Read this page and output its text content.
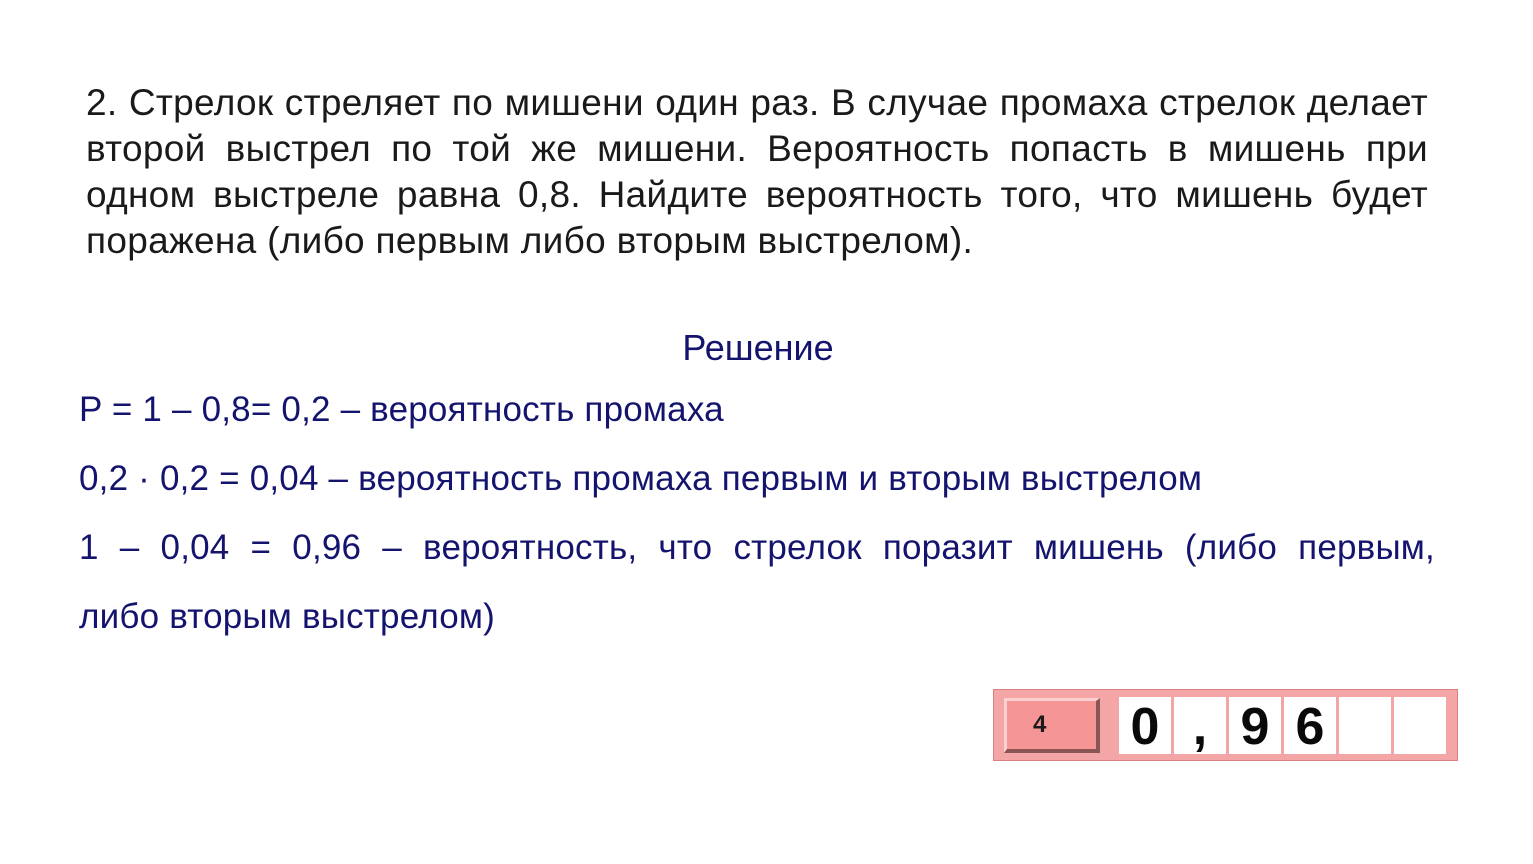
2. Стрелок стреляет по мишени один раз. В случае промаха стрелок делает второй выстрел по той же мишени. Вероятность попасть в мишень при одном выстреле равна 0,8. Найдите вероятность того, что мишень будет поражена (либо первым либо вторым выстрелом).

Решение

P = 1 – 0,8= 0,2 – вероятность промаха

0,2 · 0,2 = 0,04 – вероятность промаха первым и вторым выстрелом

1 – 0,04 = 0,96 – вероятность, что стрелок поразит мишень (либо первым,

либо вторым выстрелом)

4	0 , 9 6
